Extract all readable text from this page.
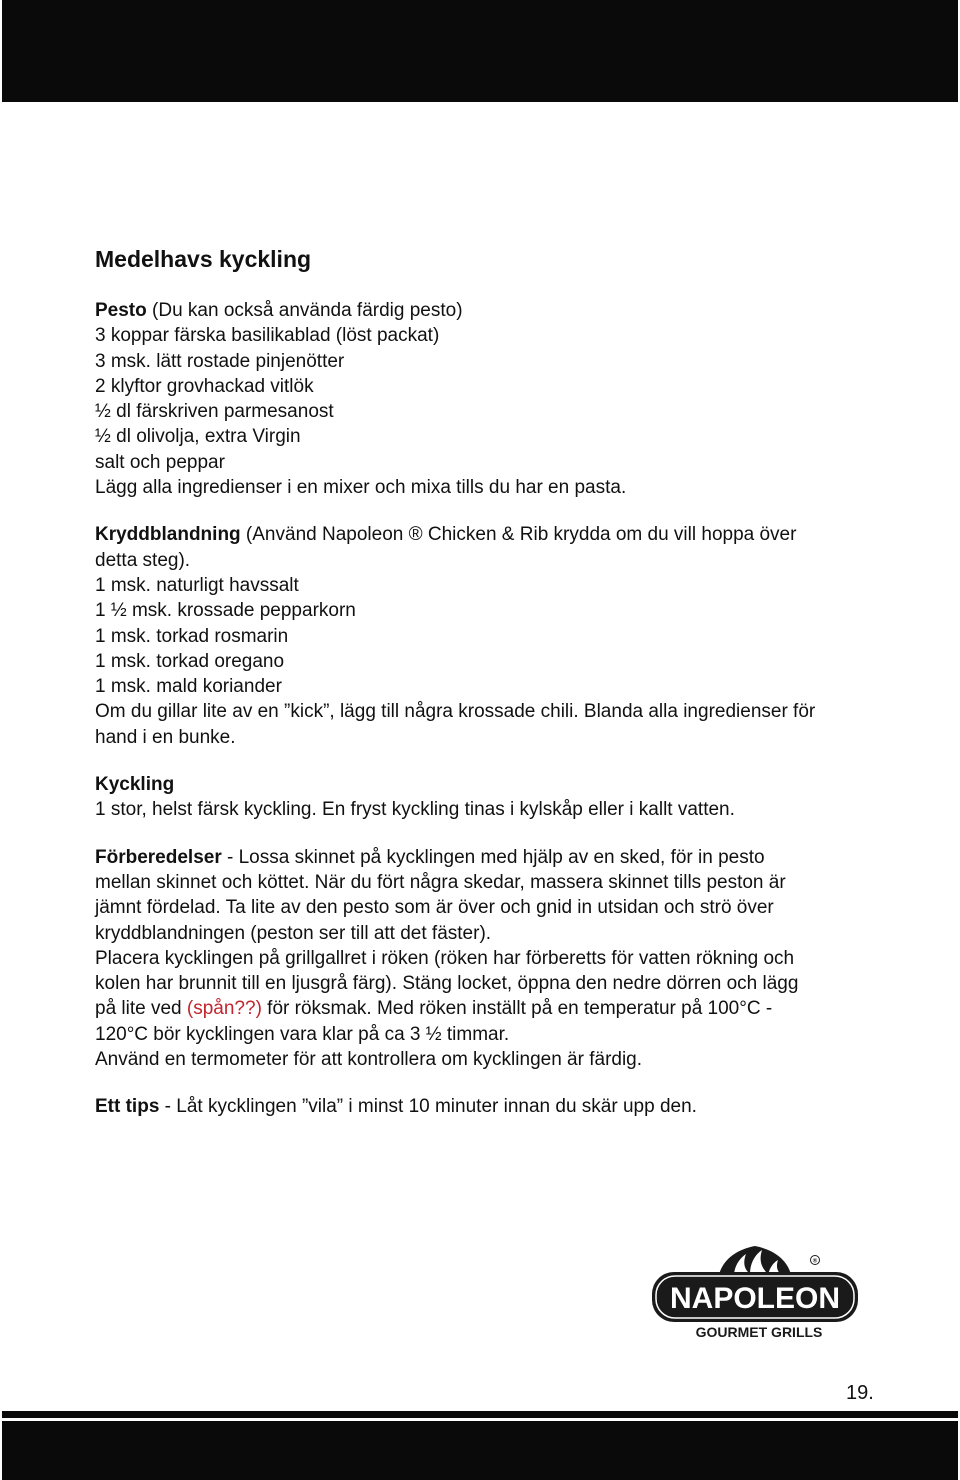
Medelhavs kyckling

Pesto (Du kan också använda färdig pesto)

3 koppar färska basilikablad (löst packat)

3 msk. lätt rostade pinjenötter

2 klyftor grovhackad vitlök

½ dl färskriven parmesanost

½ dl olivolja, extra Virgin

salt och peppar

Lägg alla ingredienser i en mixer och mixa tills du har en pasta.

Kryddblandning (Använd Napoleon ® Chicken & Rib krydda om du vill hoppa över

detta steg).

1 msk. naturligt havssalt

1 ½ msk. krossade pepparkorn

1 msk. torkad rosmarin

1 msk. torkad oregano

1 msk. mald koriander

Om du gillar lite av en ”kick”, lägg till några krossade chili. Blanda alla ingredienser för

hand i en bunke.

Kyckling

1 stor, helst färsk kyckling. En fryst kyckling tinas i kylskåp eller i kallt vatten.

Förberedelser - Lossa skinnet på kycklingen med hjälp av en sked, för in pesto

mellan skinnet och köttet. När du fört några skedar, massera skinnet tills peston är

jämnt fördelad. Ta lite av den pesto som är över och gnid in utsidan och strö över

kryddblandningen (peston ser till att det fäster).

Placera kycklingen på grillgallret i röken (röken har förberetts för vatten rökning och

kolen har brunnit till en ljusgrå färg). Stäng locket, öppna den nedre dörren och lägg

på lite ved (spån??) för röksmak. Med röken inställt på en temperatur på 100°C -

120°C bör kycklingen vara klar på ca 3 ½ timmar.

Använd en termometer för att kontrollera om kycklingen är färdig.

Ett tips - Låt kycklingen ”vila” i minst 10 minuter innan du skär upp den.

®
NAPOLEON
GOURMET GRILLS
19.
